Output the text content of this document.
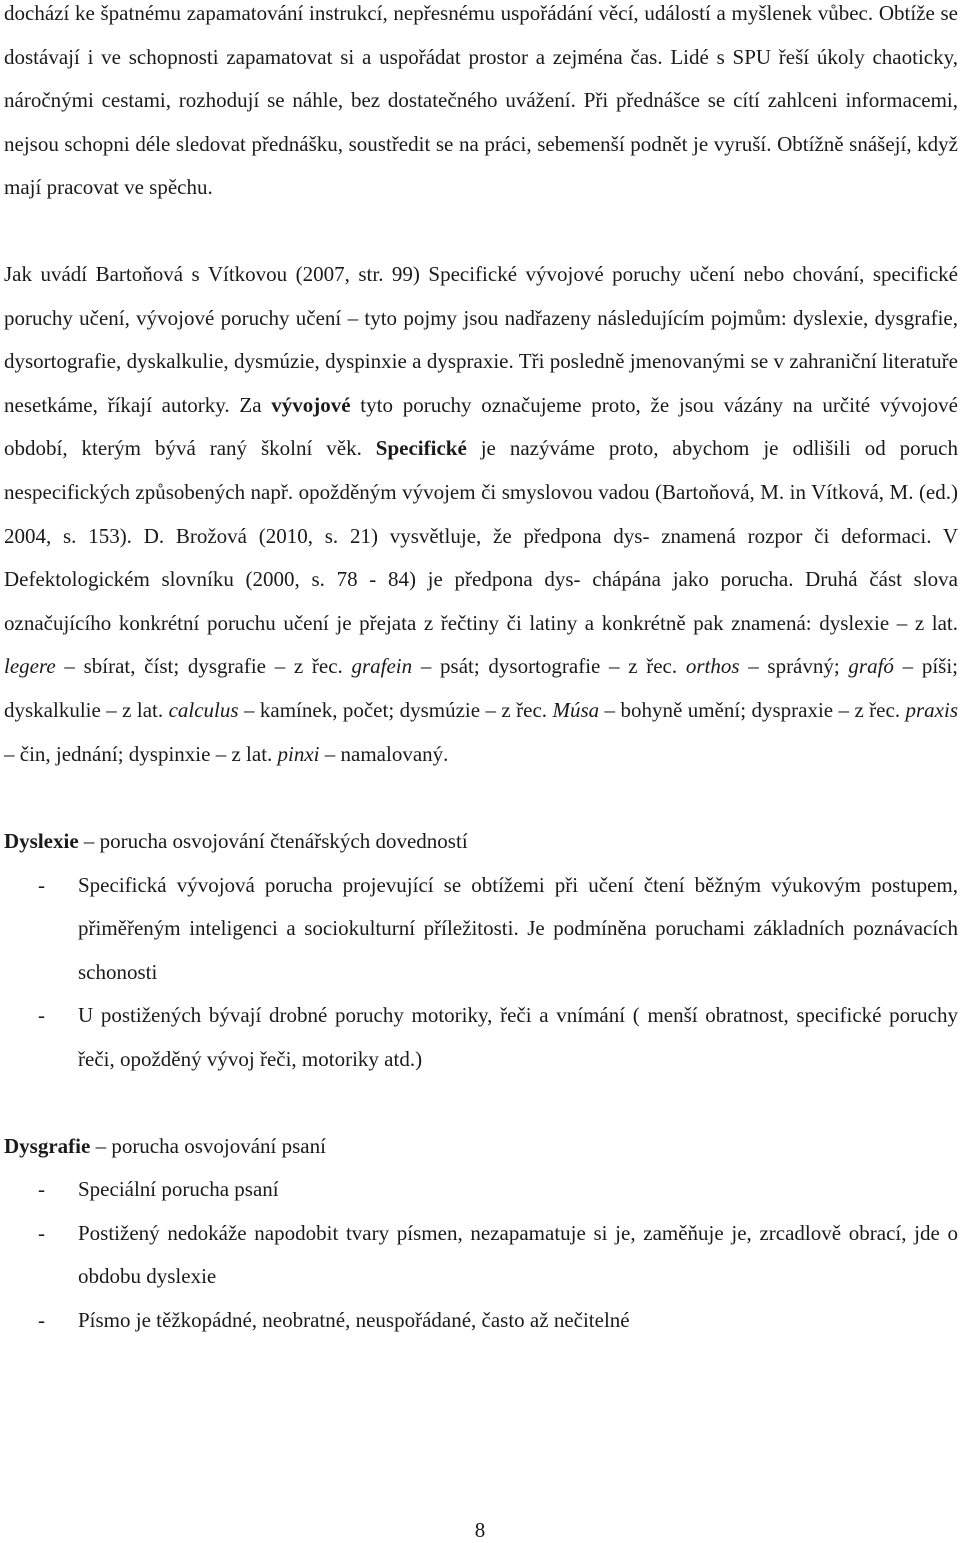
dochází ke špatnému zapamatování instrukcí, nepřesnému uspořádání věcí, událostí a myšlenek vůbec. Obtíže se dostávají i ve schopnosti zapamatovat si a uspořádat prostor a zejména čas. Lidé s SPU řeší úkoly chaoticky, náročnými cestami, rozhodují se náhle, bez dostatečného uvážení. Při přednášce se cítí zahlceni informacemi, nejsou schopni déle sledovat přednášku, soustředit se na práci, sebemenší podnět je vyruší. Obtížně snášejí, když mají pracovat ve spěchu.

Jak uvádí Bartoňová s Vítkovou (2007, str. 99) Specifické vývojové poruchy učení nebo chování, specifické poruchy učení, vývojové poruchy učení – tyto pojmy jsou nadřazeny následujícím pojmům: dyslexie, dysgrafie, dysortografie, dyskalkulie, dysmúzie, dyspinxie a dyspraxie. Tři posledně jmenovanými se v zahraniční literatuře nesetkáme, říkají autorky. Za vývojové tyto poruchy označujeme proto, že jsou vázány na určité vývojové období, kterým bývá raný školní věk. Specifické je nazýváme proto, abychom je odlišili od poruch nespecifických způsobených např. opožděným vývojem či smyslovou vadou (Bartoňová, M. in Vítková, M. (ed.) 2004, s. 153). D. Brožová (2010, s. 21) vysvětluje, že předpona dys- znamená rozpor či deformaci. V Defektologickém slovníku (2000, s. 78 - 84) je předpona dys- chápána jako porucha. Druhá část slova označujícího konkrétní poruchu učení je přejata z řečtiny či latiny a konkrétně pak znamená: dyslexie – z lat. legere – sbírat, číst; dysgrafie – z řec. grafein – psát; dysortografie – z řec. orthos – správný; grafó – píši; dyskalkulie – z lat. calculus – kamínek, počet; dysmúzie – z řec. Músa – bohyně umění; dyspraxie – z řec. praxis – čin, jednání; dyspinxie – z lat. pinxi – namalovaný.

Dyslexie – porucha osvojování čtenářských dovedností

- Specifická vývojová porucha projevující se obtížemi při učení čtení běžným výukovým postupem, přiměřeným inteligenci a sociokulturní příležitosti. Je podmíněna poruchami základních poznávacích schonosti
- U postižených bývají drobné poruchy motoriky, řeči a vnímání ( menší obratnost, specifické poruchy řeči, opožděný vývoj řeči, motoriky atd.)

Dysgrafie – porucha osvojování psaní

- Speciální porucha psaní
- Postižený nedokáže napodobit tvary písmen, nezapamatuje si je, zaměňuje je, zrcadlově obrací, jde o obdobu dyslexie
- Písmo je těžkopádné, neobratné, neuspořádané, často až nečitelné
8
